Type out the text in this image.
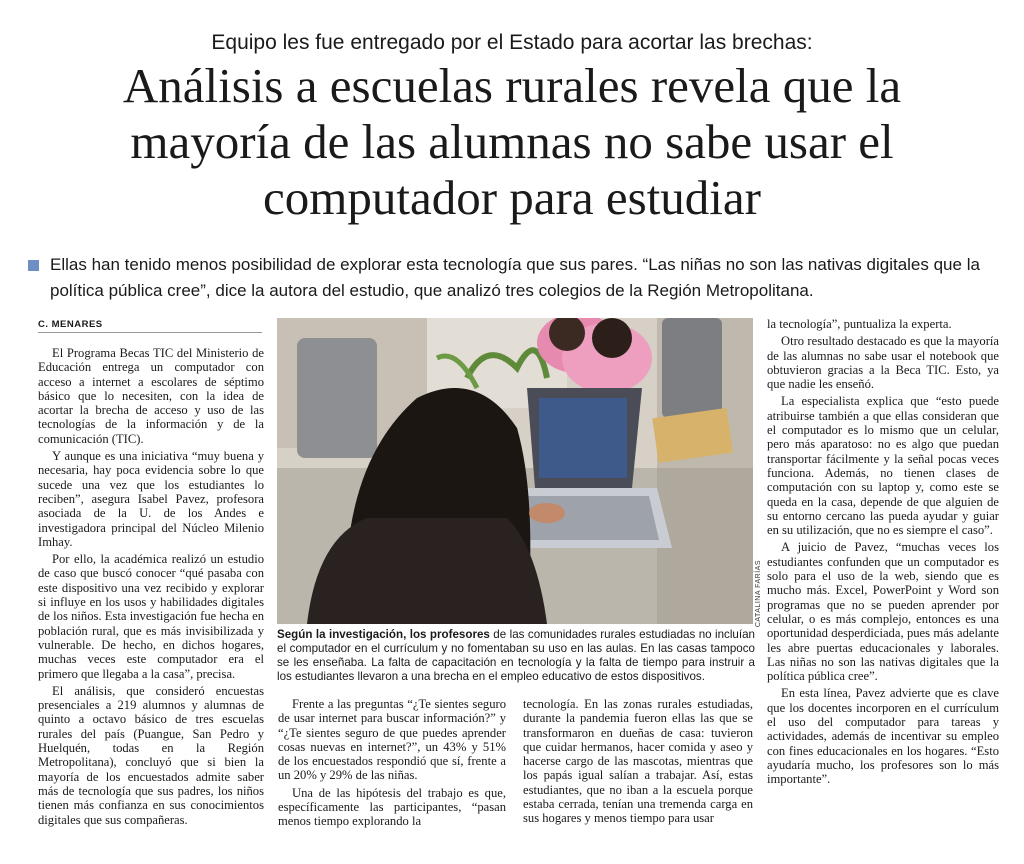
Equipo les fue entregado por el Estado para acortar las brechas:
Análisis a escuelas rurales revela que la mayoría de las alumnas no sabe usar el computador para estudiar
Ellas han tenido menos posibilidad de explorar esta tecnología que sus pares. “Las niñas no son las nativas digitales que la política pública cree”, dice la autora del estudio, que analizó tres colegios de la Región Metropolitana.
C. MENARES

El Programa Becas TIC del Ministerio de Educación entrega un computador con acceso a internet a escolares de séptimo básico que lo necesiten, con la idea de acortar la brecha de acceso y uso de las tecnologías de la información y de la comunicación (TIC).

Y aunque es una iniciativa “muy buena y necesaria, hay poca evidencia sobre lo que sucede una vez que los estudiantes lo reciben”, asegura Isabel Pavez, profesora asociada de la U. de los Andes e investigadora principal del Núcleo Milenio Imhay.

Por ello, la académica realizó un estudio de caso que buscó conocer “qué pasaba con este dispositivo una vez recibido y explorar si influye en los usos y habilidades digitales de los niños. Esta investigación fue hecha en población rural, que es más invisibilizada y vulnerable. De hecho, en dichos hogares, muchas veces este computador era el primero que llegaba a la casa”, precisa.

El análisis, que consideró encuestas presenciales a 219 alumnos y alumnas de quinto a octavo básico de tres escuelas rurales del país (Puangue, San Pedro y Huelquén, todas en la Región Metropolitana), concluyó que si bien la mayoría de los encuestados admite saber más de tecnología que sus padres, los niños tienen más confianza en sus conocimientos digitales que sus compañeras.

CATALINA FARÍAS
Según la investigación, los profesores de las comunidades rurales estudiadas no incluían el computador en el currículum y no fomentaban su uso en las aulas. En las casas tampoco se les enseñaba. La falta de capacitación en tecnología y la falta de tiempo para instruir a los estudiantes llevaron a una brecha en el empleo educativo de estos dispositivos.

Frente a las preguntas “¿Te sientes seguro de usar internet para buscar información?” y “¿Te sientes seguro de que puedes aprender cosas nuevas en internet?”, un 43% y 51% de los encuestados respondió que sí, frente a un 20% y 29% de las niñas.

Una de las hipótesis del trabajo es que, específicamente las participantes, “pasan menos tiempo explorando la

tecnología. En las zonas rurales estudiadas, durante la pandemia fueron ellas las que se transformaron en dueñas de casa: tuvieron que cuidar hermanos, hacer comida y aseo y hacerse cargo de las mascotas, mientras que los papás igual salían a trabajar. Así, estas estudiantes, que no iban a la escuela porque estaba cerrada, tenían una tremenda carga en sus hogares y menos tiempo para usar

la tecnología”, puntualiza la experta.

Otro resultado destacado es que la mayoría de las alumnas no sabe usar el notebook que obtuvieron gracias a la Beca TIC. Esto, ya que nadie les enseñó.

La especialista explica que “esto puede atribuirse también a que ellas consideran que el computador es lo mismo que un celular, pero más aparatoso: no es algo que puedan transportar fácilmente y la señal pocas veces funciona. Además, no tienen clases de computación con su laptop y, como este se queda en la casa, depende de que alguien de su entorno cercano las pueda ayudar y guiar en su utilización, que no es siempre el caso”.

A juicio de Pavez, “muchas veces los estudiantes confunden que un computador es solo para el uso de la web, siendo que es mucho más. Excel, PowerPoint y Word son programas que no se pueden aprender por celular, o es más complejo, entonces es una oportunidad desperdiciada, pues más adelante les abre puertas educacionales y laborales. Las niñas no son las nativas digitales que la política pública cree”.

En esta línea, Pavez advierte que es clave que los docentes incorporen en el currículum el uso del computador para tareas y actividades, además de incentivar su empleo con fines educacionales en los hogares. “Esto ayudaría mucho, los profesores son lo más importante”.
